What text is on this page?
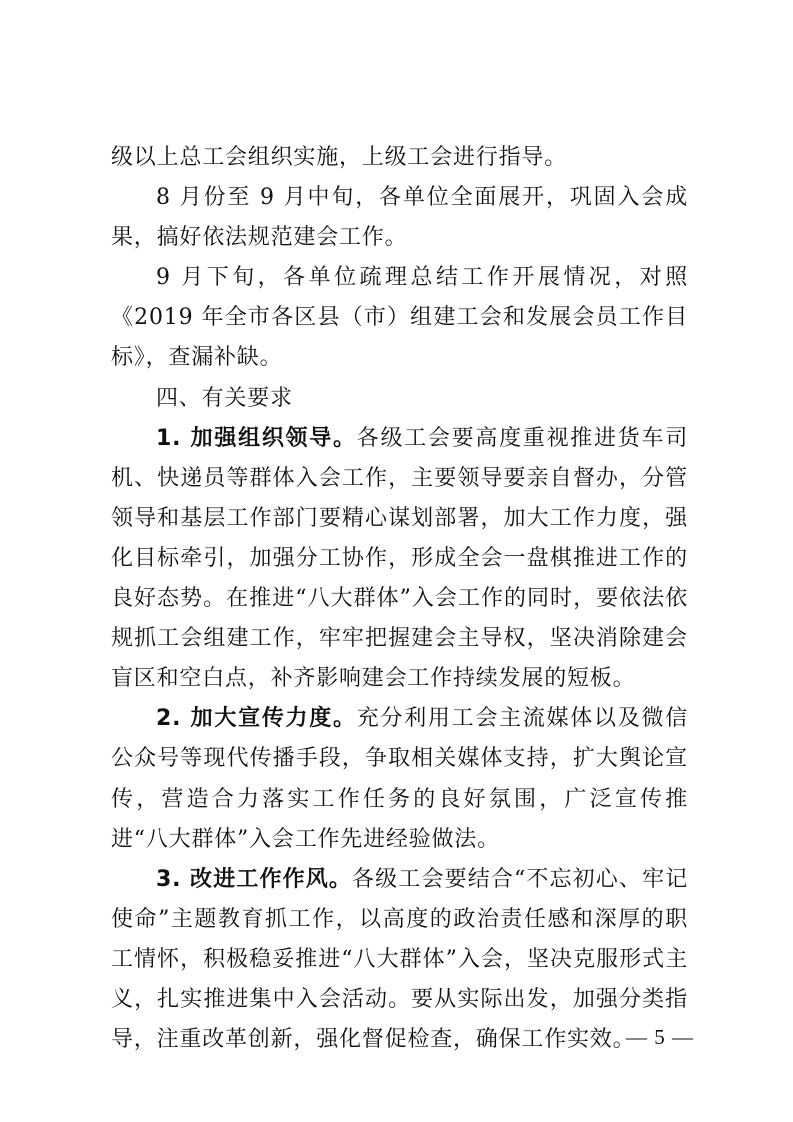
级以上总工会组织实施，上级工会进行指导。

8 月份至 9 月中旬，各单位全面展开，巩固入会成果，搞好依法规范建会工作。

9 月下旬，各单位疏理总结工作开展情况，对照《2019 年全市各区县（市）组建工会和发展会员工作目标》，查漏补缺。

四、有关要求

1. 加强组织领导。各级工会要高度重视推进货车司机、快递员等群体入会工作，主要领导要亲自督办，分管领导和基层工作部门要精心谋划部署，加大工作力度，强化目标牵引，加强分工协作，形成全会一盘棋推进工作的良好态势。在推进“八大群体”入会工作的同时，要依法依规抓工会组建工作，牢牢把握建会主导权，坚决消除建会盲区和空白点，补齐影响建会工作持续发展的短板。

2. 加大宣传力度。充分利用工会主流媒体以及微信公众号等现代传播手段，争取相关媒体支持，扩大舆论宣传，营造合力落实工作任务的良好氛围，广泛宣传推进“八大群体”入会工作先进经验做法。

3. 改进工作作风。各级工会要结合“不忘初心、牢记使命”主题教育抓工作，以高度的政治责任感和深厚的职工情怀，积极稳妥推进“八大群体”入会，坚决克服形式主义，扎实推进集中入会活动。要从实际出发，加强分类指导，注重改革创新，强化督促检查，确保工作实效。

— 5 —
